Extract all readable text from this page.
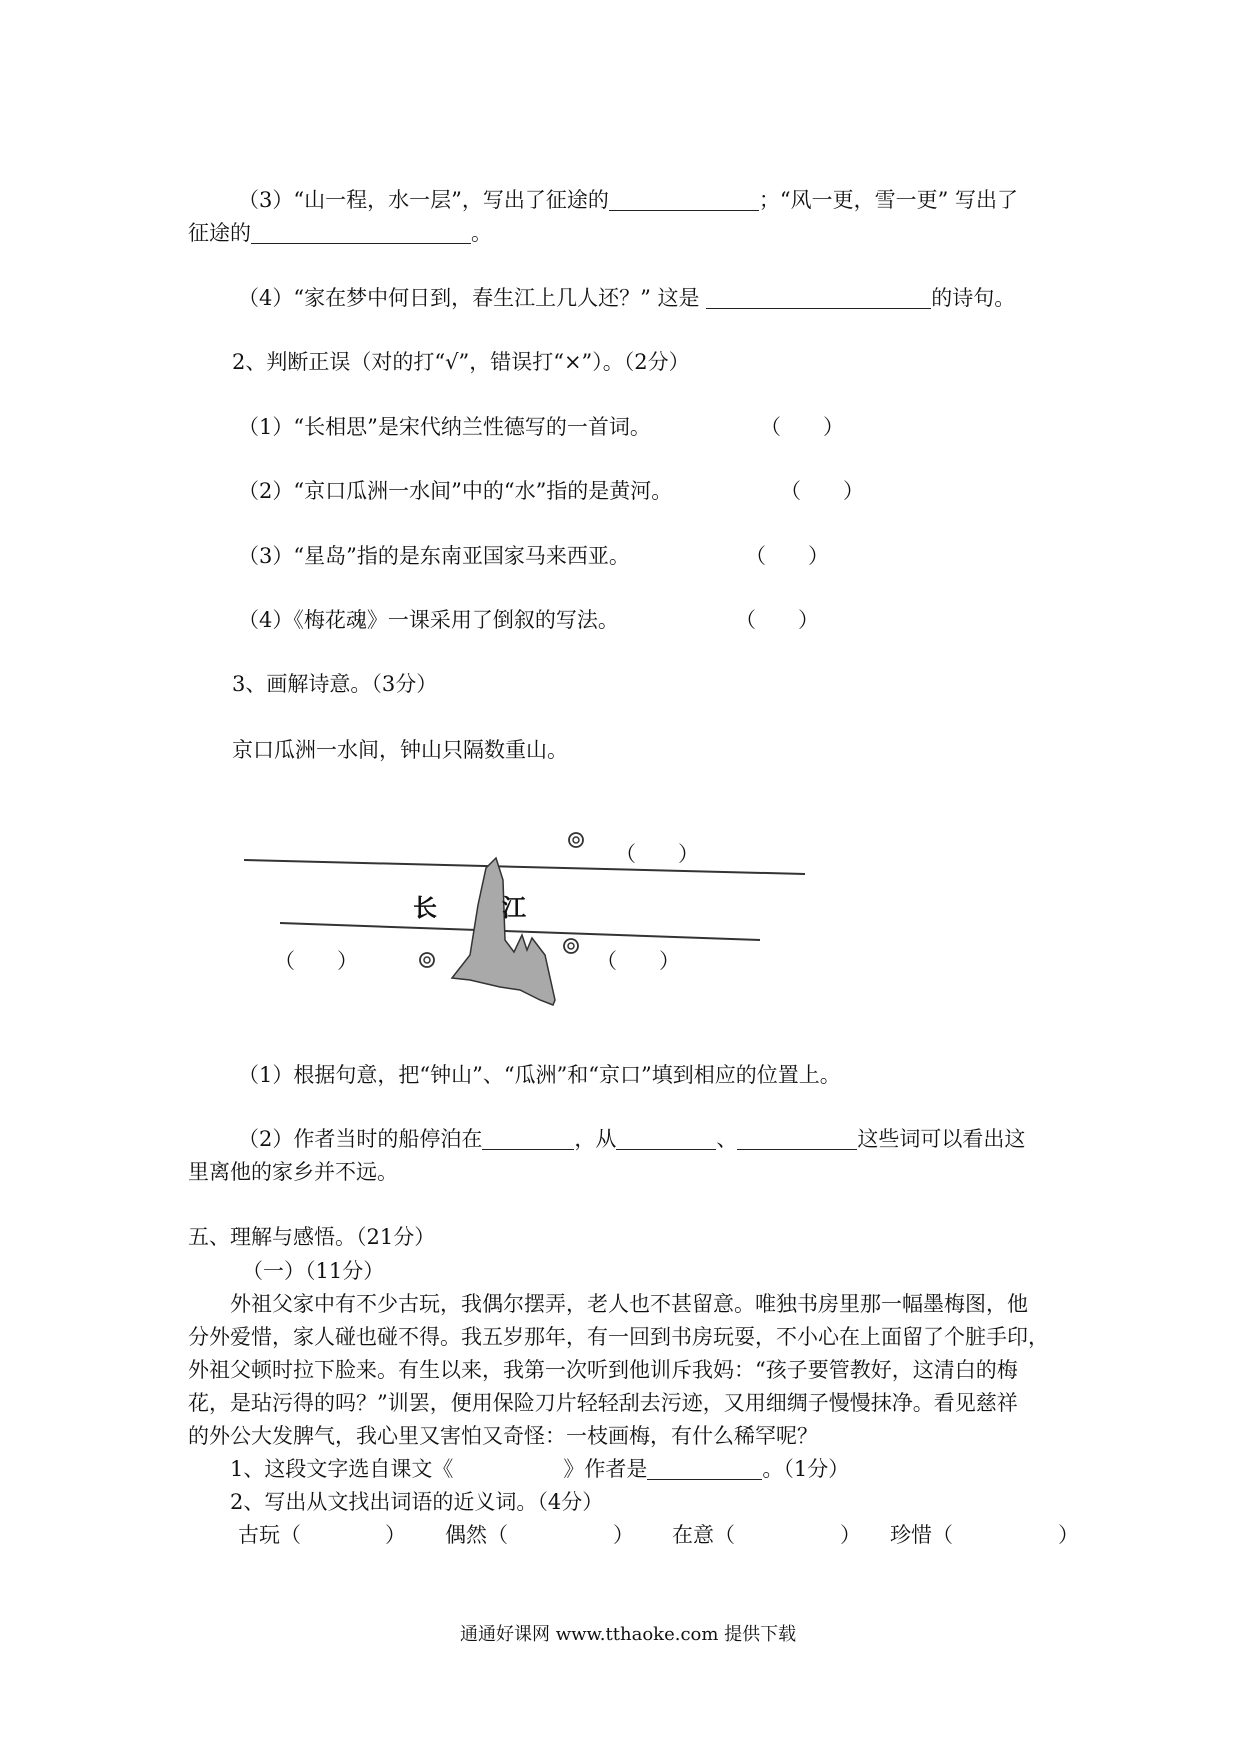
（3）“山一程，水一层”，写出了征途的	；“风一更，雪一更” 写出了
征途的	。
（4）“家在梦中何日到，春生江上几人还？” 这是	的诗句。
2、判断正误（对的打“√”，错误打“×”）。（2分）
（1）“长相思”是宋代纳兰性德写的一首词。	（　　）
（2）“京口瓜洲一水间”中的“水”指的是黄河。	（　　）
（3）“星岛”指的是东南亚国家马来西亚。	（　　）
（4）《梅花魂》一课采用了倒叙的写法。	（　　）
3、画解诗意。（3分）
京口瓜洲一水间，钟山只隔数重山。
长	江
（　　）
（　　）	（　　）
（1）根据句意，把“钟山”、“瓜洲”和“京口”填到相应的位置上。
（2）作者当时的船停泊在	，从	、	这些词可以看出这
里离他的家乡并不远。
五、理解与感悟。（21分）
（一）（11分）
外祖父家中有不少古玩，我偶尔摆弄，老人也不甚留意。唯独书房里那一幅墨梅图，他
分外爱惜，家人碰也碰不得。我五岁那年，有一回到书房玩耍，不小心在上面留了个脏手印，
外祖父顿时拉下脸来。有生以来，我第一次听到他训斥我妈：“孩子要管教好，这清白的梅
花，是玷污得的吗？”训罢，便用保险刀片轻轻刮去污迹，又用细绸子慢慢抹净。看见慈祥
的外公大发脾气，我心里又害怕又奇怪：一枝画梅，有什么稀罕呢？
1、这段文字选自课文《	》作者是	。（1分）
2、写出从文找出词语的近义词。（4分）
古玩（　　　　） 偶然（　　　　　） 在意（　　　　　） 珍惜（　　　　　）
通通好课网 www.tthaoke.com 提供下载
